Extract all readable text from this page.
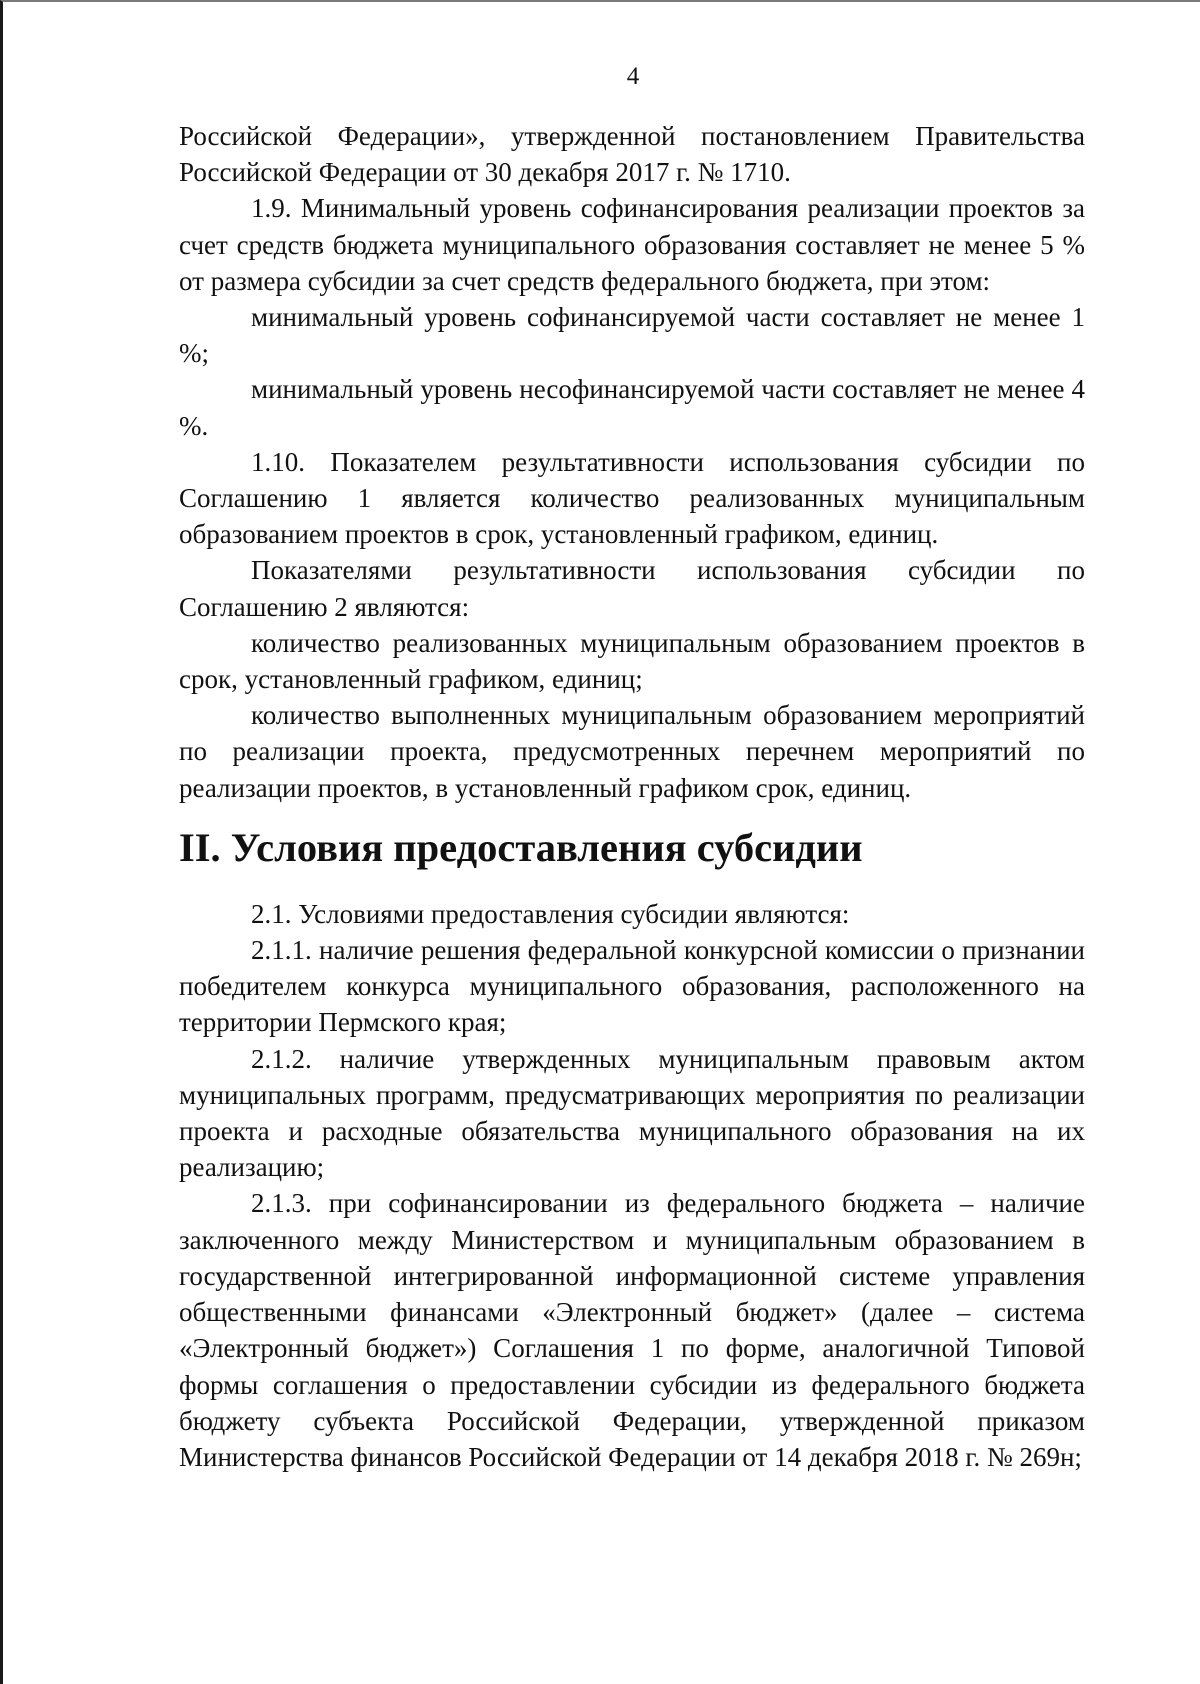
4

Российской Федерации», утвержденной постановлением Правительства Российской Федерации от 30 декабря 2017 г. № 1710.

1.9. Минимальный уровень софинансирования реализации проектов за счет средств бюджета муниципального образования составляет не менее 5 % от размера субсидии за счет средств федерального бюджета, при этом:

минимальный уровень софинансируемой части составляет не менее 1 %;

минимальный уровень несофинансируемой части составляет не менее 4 %.

1.10. Показателем результативности использования субсидии по Соглашению 1 является количество реализованных муниципальным образованием проектов в срок, установленный графиком, единиц.

Показателями результативности использования субсидии по Соглашению 2 являются:

количество реализованных муниципальным образованием проектов в срок, установленный графиком, единиц;

количество выполненных муниципальным образованием мероприятий по реализации проекта, предусмотренных перечнем мероприятий по реализации проектов, в установленный графиком срок, единиц.

II. Условия предоставления субсидии

2.1. Условиями предоставления субсидии являются:

2.1.1. наличие решения федеральной конкурсной комиссии о признании победителем конкурса муниципального образования, расположенного на территории Пермского края;

2.1.2. наличие утвержденных муниципальным правовым актом муниципальных программ, предусматривающих мероприятия по реализации проекта и расходные обязательства муниципального образования на их реализацию;

2.1.3. при софинансировании из федерального бюджета – наличие заключенного между Министерством и муниципальным образованием в государственной интегрированной информационной системе управления общественными финансами «Электронный бюджет» (далее – система «Электронный бюджет») Соглашения 1 по форме, аналогичной Типовой формы соглашения о предоставлении субсидии из федерального бюджета бюджету субъекта Российской Федерации, утвержденной приказом Министерства финансов Российской Федерации от 14 декабря 2018 г. № 269н;
